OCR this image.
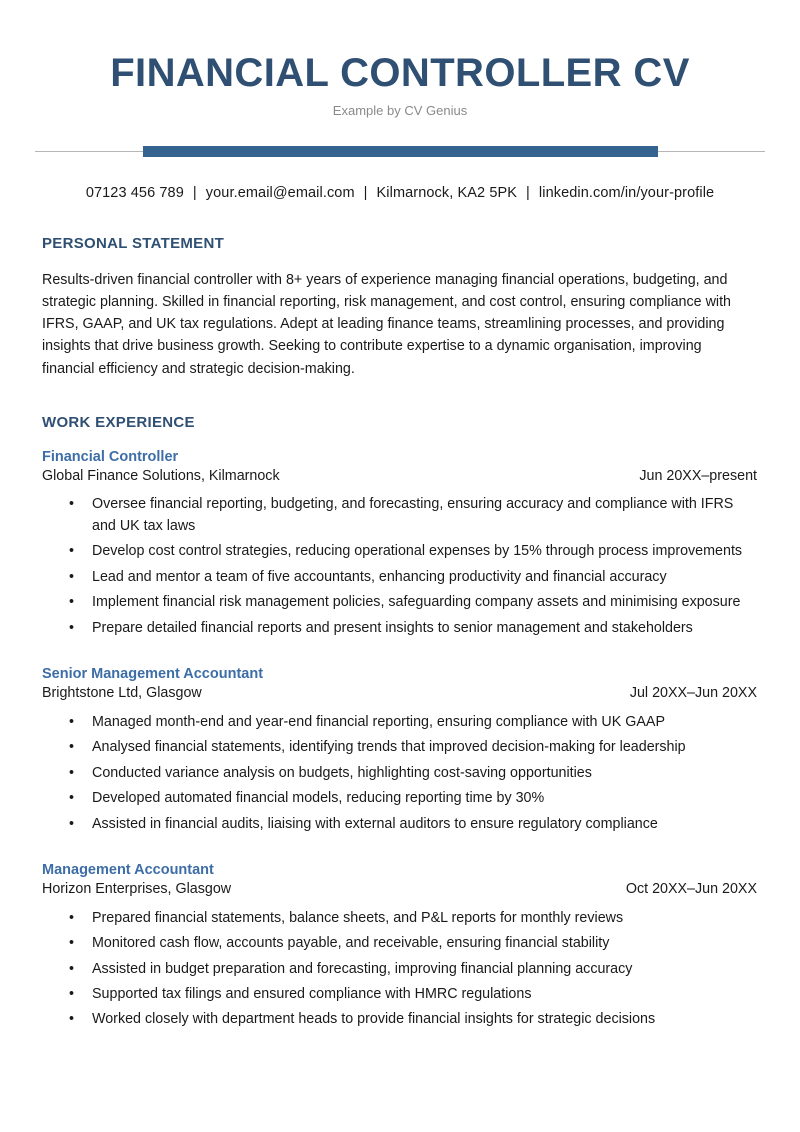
FINANCIAL CONTROLLER CV
Example by CV Genius
07123 456 789 | your.email@email.com | Kilmarnock, KA2 5PK | linkedin.com/in/your-profile
PERSONAL STATEMENT

Results-driven financial controller with 8+ years of experience managing financial operations, budgeting, and strategic planning. Skilled in financial reporting, risk management, and cost control, ensuring compliance with IFRS, GAAP, and UK tax regulations. Adept at leading finance teams, streamlining processes, and providing insights that drive business growth. Seeking to contribute expertise to a dynamic organisation, improving financial efficiency and strategic decision-making.

WORK EXPERIENCE
Financial Controller
Global Finance Solutions, Kilmarnock	Jun 20XX–present
• Oversee financial reporting, budgeting, and forecasting, ensuring accuracy and compliance with IFRS and UK tax laws
• Develop cost control strategies, reducing operational expenses by 15% through process improvements
• Lead and mentor a team of five accountants, enhancing productivity and financial accuracy
• Implement financial risk management policies, safeguarding company assets and minimising exposure
• Prepare detailed financial reports and present insights to senior management and stakeholders
Senior Management Accountant
Brightstone Ltd, Glasgow	Jul 20XX–Jun 20XX
• Managed month-end and year-end financial reporting, ensuring compliance with UK GAAP
• Analysed financial statements, identifying trends that improved decision-making for leadership
• Conducted variance analysis on budgets, highlighting cost-saving opportunities
• Developed automated financial models, reducing reporting time by 30%
• Assisted in financial audits, liaising with external auditors to ensure regulatory compliance
Management Accountant
Horizon Enterprises, Glasgow	Oct 20XX–Jun 20XX
• Prepared financial statements, balance sheets, and P&L reports for monthly reviews
• Monitored cash flow, accounts payable, and receivable, ensuring financial stability
• Assisted in budget preparation and forecasting, improving financial planning accuracy
• Supported tax filings and ensured compliance with HMRC regulations
• Worked closely with department heads to provide financial insights for strategic decisions
